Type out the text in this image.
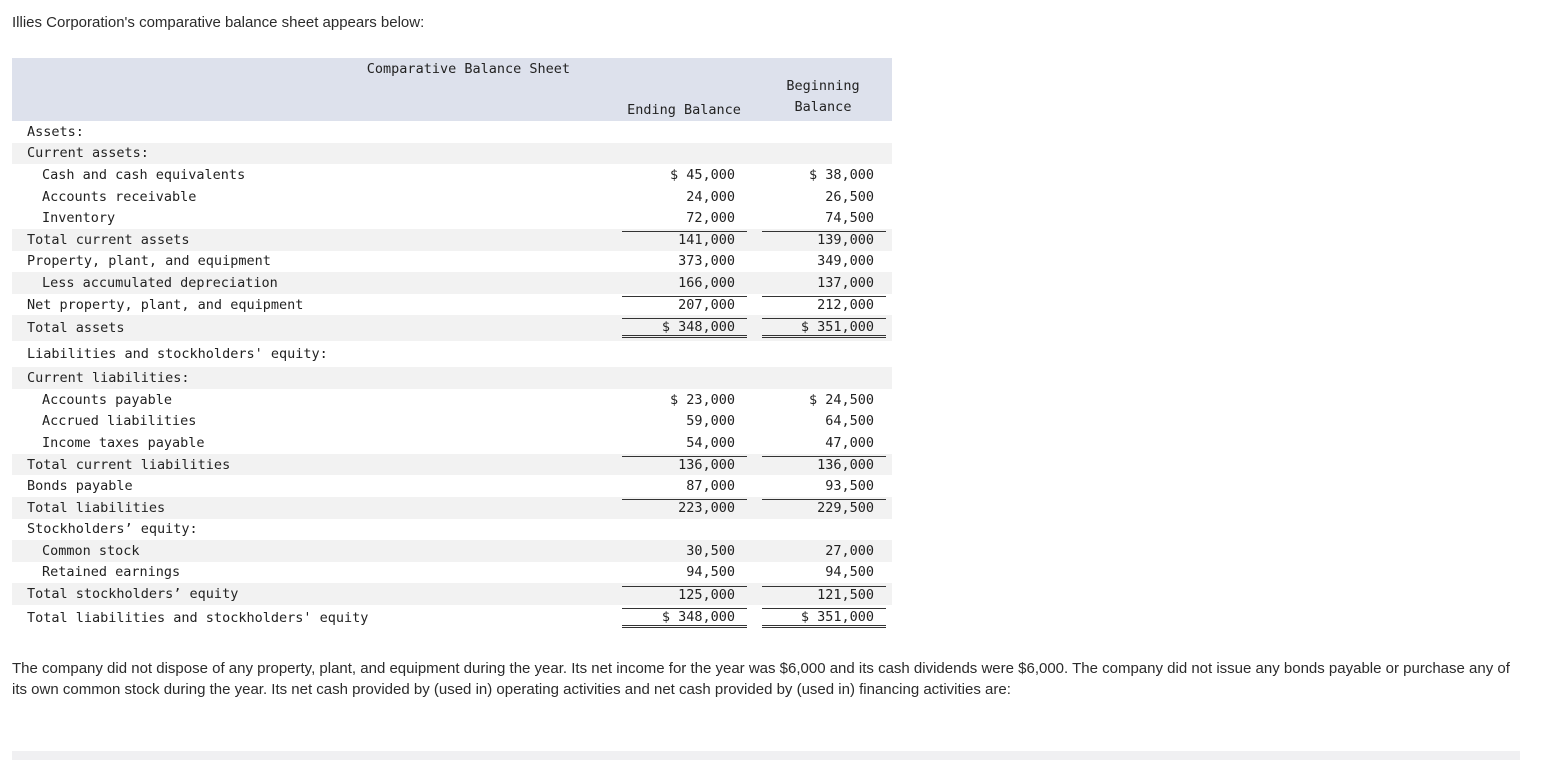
Illies Corporation's comparative balance sheet appears below:
Comparative Balance Sheet	Ending Balance	Beginning
Balance
Assets:	

Current assets:	

Cash and cash equivalents	$ 45,000	$ 38,000

Accounts receivable	24,000	26,500

Inventory	72,000	74,500

Total current assets	141,000	139,000

Property, plant, and equipment	373,000	349,000

Less accumulated depreciation	166,000	137,000

Net property, plant, and equipment	207,000	212,000

Total assets	$ 348,000	$ 351,000

Liabilities and stockholders' equity:	

Current liabilities:	

Accounts payable	$ 23,000	$ 24,500

Accrued liabilities	59,000	64,500

Income taxes payable	54,000	47,000

Total current liabilities	136,000	136,000

Bonds payable	87,000	93,500

Total liabilities	223,000	229,500

Stockholders’ equity:	

Common stock	30,500	27,000

Retained earnings	94,500	94,500

Total stockholders’ equity	125,000	121,500

Total liabilities and stockholders' equity	$ 348,000	$ 351,000
The company did not dispose of any property, plant, and equipment during the year. Its net income for the year was $6,000 and its cash dividends were $6,000. The company did not issue any bonds payable or purchase any of its own common stock during the year. Its net cash provided by (used in) operating activities and net cash provided by (used in) financing activities are:
